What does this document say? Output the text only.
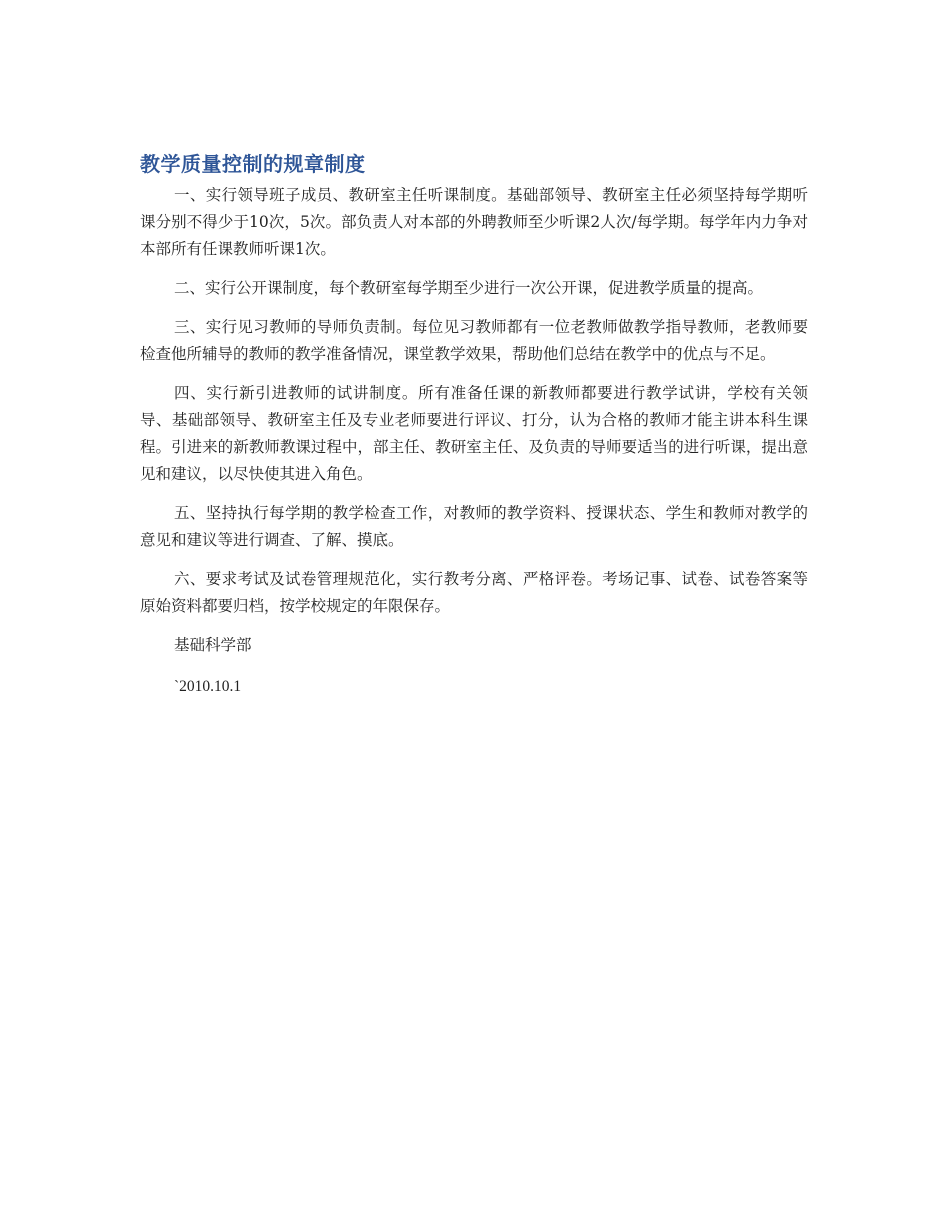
教学质量控制的规章制度

一、实行领导班子成员、教研室主任听课制度。基础部领导、教研室主任必须坚持每学期听课分别不得少于10次，5次。部负责人对本部的外聘教师至少听课2人次/每学期。每学年内力争对本部所有任课教师听课1次。

二、实行公开课制度，每个教研室每学期至少进行一次公开课，促进教学质量的提高。

三、实行见习教师的导师负责制。每位见习教师都有一位老教师做教学指导教师，老教师要检查他所辅导的教师的教学准备情况，课堂教学效果，帮助他们总结在教学中的优点与不足。

四、实行新引进教师的试讲制度。所有准备任课的新教师都要进行教学试讲，学校有关领导、基础部领导、教研室主任及专业老师要进行评议、打分，认为合格的教师才能主讲本科生课程。引进来的新教师教课过程中，部主任、教研室主任、及负责的导师要适当的进行听课，提出意见和建议，以尽快使其进入角色。

五、坚持执行每学期的教学检查工作，对教师的教学资料、授课状态、学生和教师对教学的意见和建议等进行调查、了解、摸底。

六、要求考试及试卷管理规范化，实行教考分离、严格评卷。考场记事、试卷、试卷答案等原始资料都要归档，按学校规定的年限保存。

基础科学部

`2010.10.1
